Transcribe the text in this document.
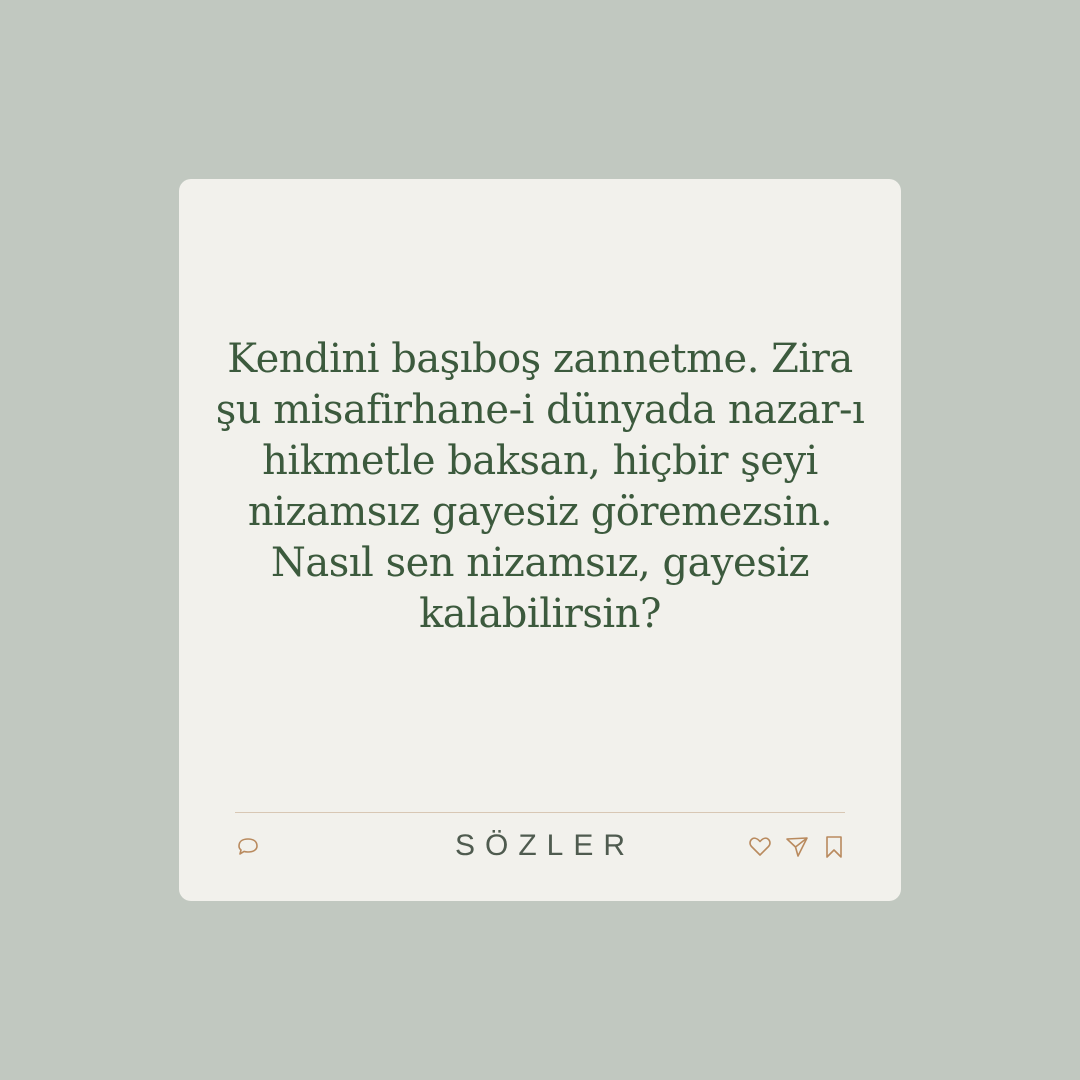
Kendini başıboş zannetme. Zira şu misafirhane-i dünyada nazar-ı hikmetle baksan, hiçbir şeyi nizamsız gayesiz göremezsin. Nasıl sen nizamsız, gayesiz kalabilirsin?

SÖZLER
